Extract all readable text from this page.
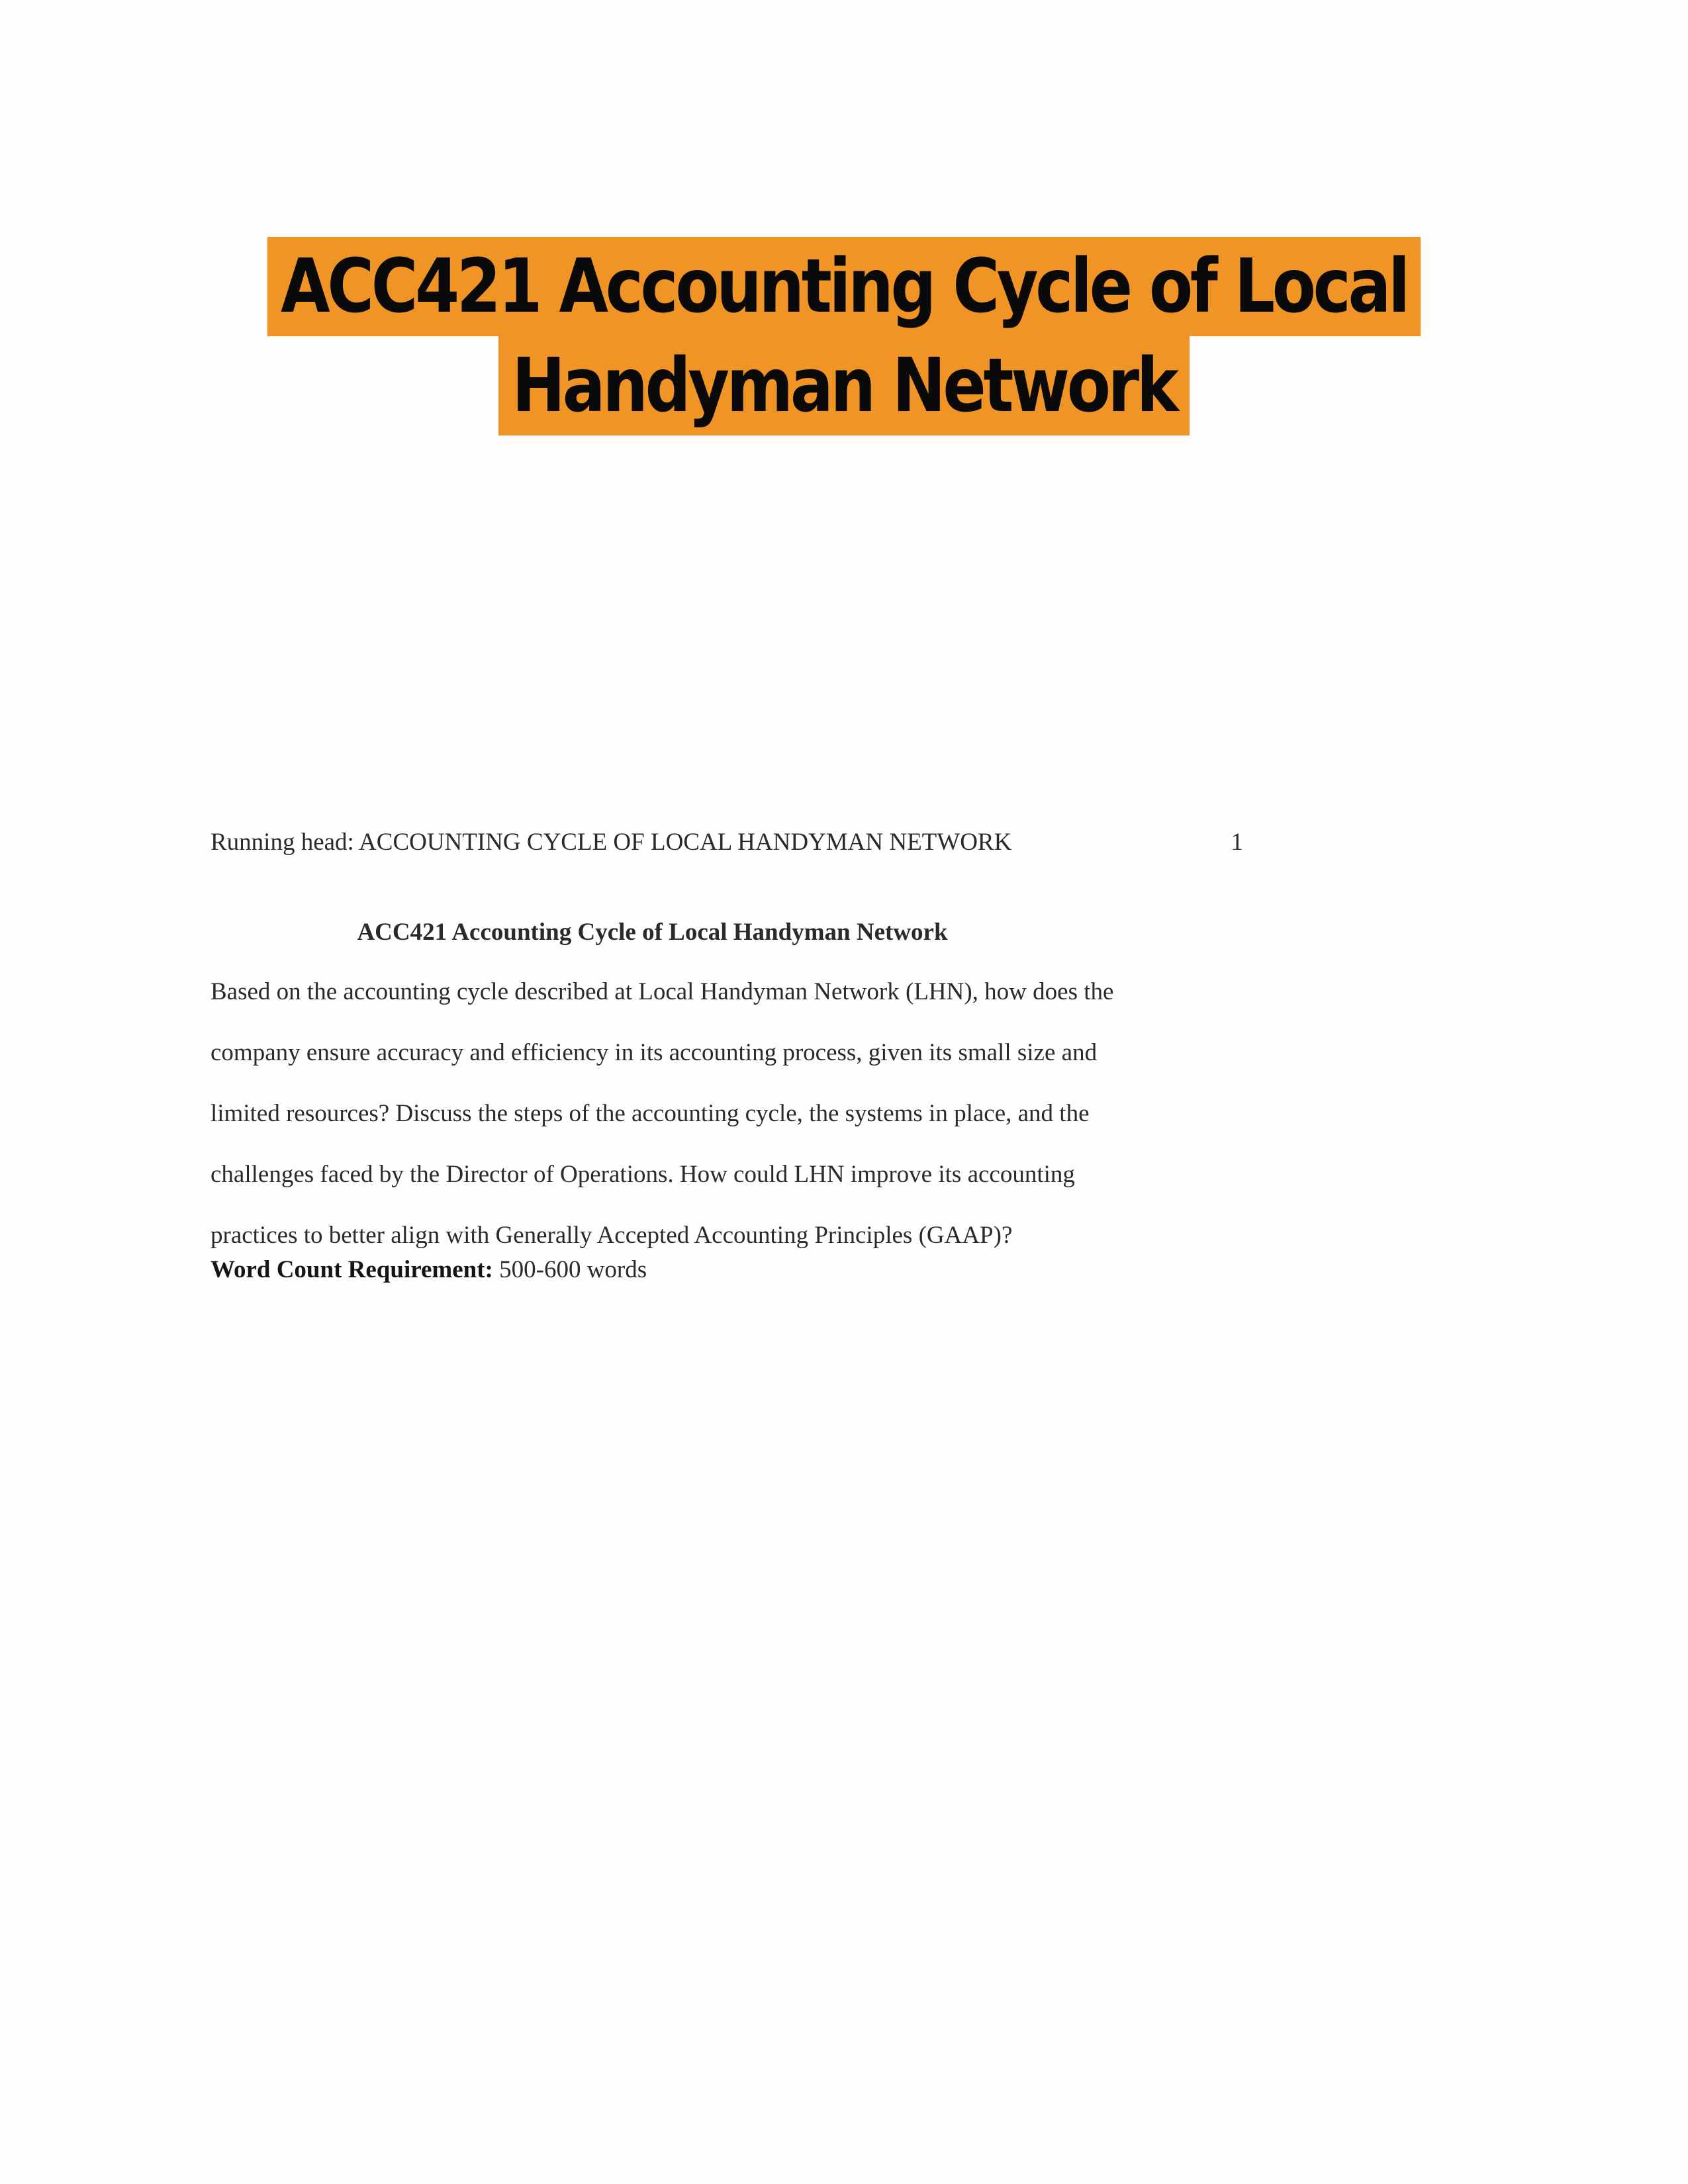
ACC421 Accounting Cycle of Local
Handyman Network
Running head: ACCOUNTING CYCLE OF LOCAL HANDYMAN NETWORK	1
ACC421 Accounting Cycle of Local Handyman Network
Based on the accounting cycle described at Local Handyman Network (LHN), how does the
company ensure accuracy and efficiency in its accounting process, given its small size and
limited resources? Discuss the steps of the accounting cycle, the systems in place, and the
challenges faced by the Director of Operations. How could LHN improve its accounting
practices to better align with Generally Accepted Accounting Principles (GAAP)?
Word Count Requirement: 500-600 words
